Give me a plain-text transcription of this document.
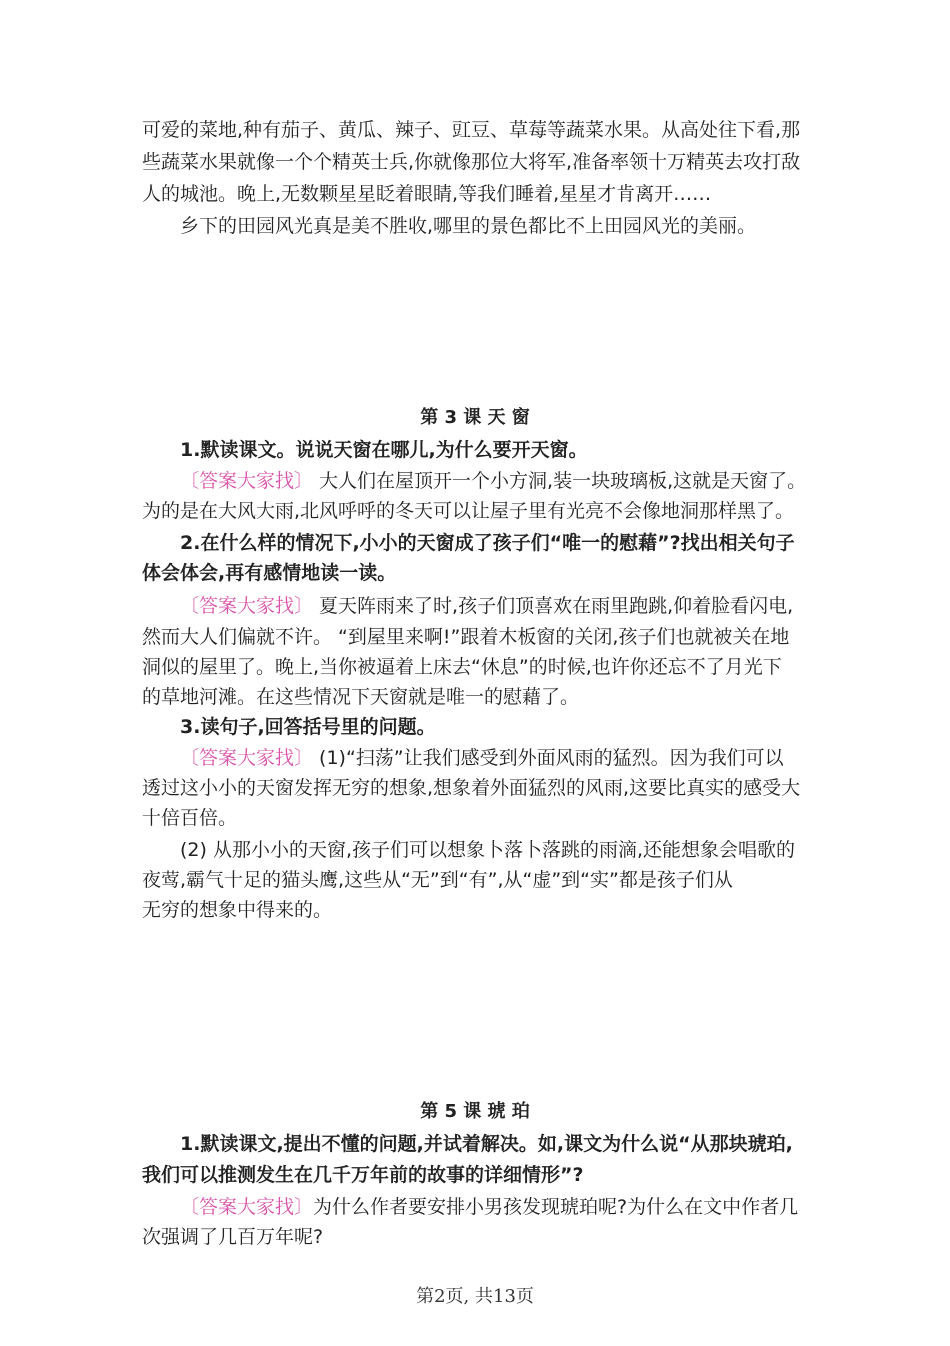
可爱的菜地,种有茄子、黄瓜、辣子、豇豆、草莓等蔬菜水果。从高处往下看,那
些蔬菜水果就像一个个精英士兵,你就像那位大将军,准备率领十万精英去攻打敌
人的城池。晚上,无数颗星星眨着眼睛,等我们睡着,星星才肯离开……
乡下的田园风光真是美不胜收,哪里的景色都比不上田园风光的美丽。
第 3 课 天 窗
1.默读课文。说说天窗在哪儿,为什么要开天窗。
〔答案大家找〕 大人们在屋顶开一个小方洞,装一块玻璃板,这就是天窗了。
为的是在大风大雨,北风呼呼的冬天可以让屋子里有光亮不会像地洞那样黑了。
2.在什么样的情况下,小小的天窗成了孩子们“唯一的慰藉”?找出相关句子
体会体会,再有感情地读一读。
〔答案大家找〕 夏天阵雨来了时,孩子们顶喜欢在雨里跑跳,仰着脸看闪电,
然而大人们偏就不许。 “到屋里来啊!”跟着木板窗的关闭,孩子们也就被关在地
洞似的屋里了。晚上,当你被逼着上床去“休息”的时候,也许你还忘不了月光下
的草地河滩。在这些情况下天窗就是唯一的慰藉了。
3.读句子,回答括号里的问题。
〔答案大家找〕 (1)“扫荡”让我们感受到外面风雨的猛烈。因为我们可以
透过这小小的天窗发挥无穷的想象,想象着外面猛烈的风雨,这要比真实的感受大
十倍百倍。
(2) 从那小小的天窗,孩子们可以想象卜落卜落跳的雨滴,还能想象会唱歌的
夜莺,霸气十足的猫头鹰,这些从“无”到“有”,从“虚”到“实”都是孩子们从
无穷的想象中得来的。
第 5 课 琥 珀
1.默读课文,提出不懂的问题,并试着解决。如,课文为什么说“从那块琥珀,
我们可以推测发生在几千万年前的故事的详细情形”?
〔答案大家找〕为什么作者要安排小男孩发现琥珀呢?为什么在文中作者几
次强调了几百万年呢?
第2页, 共13页
